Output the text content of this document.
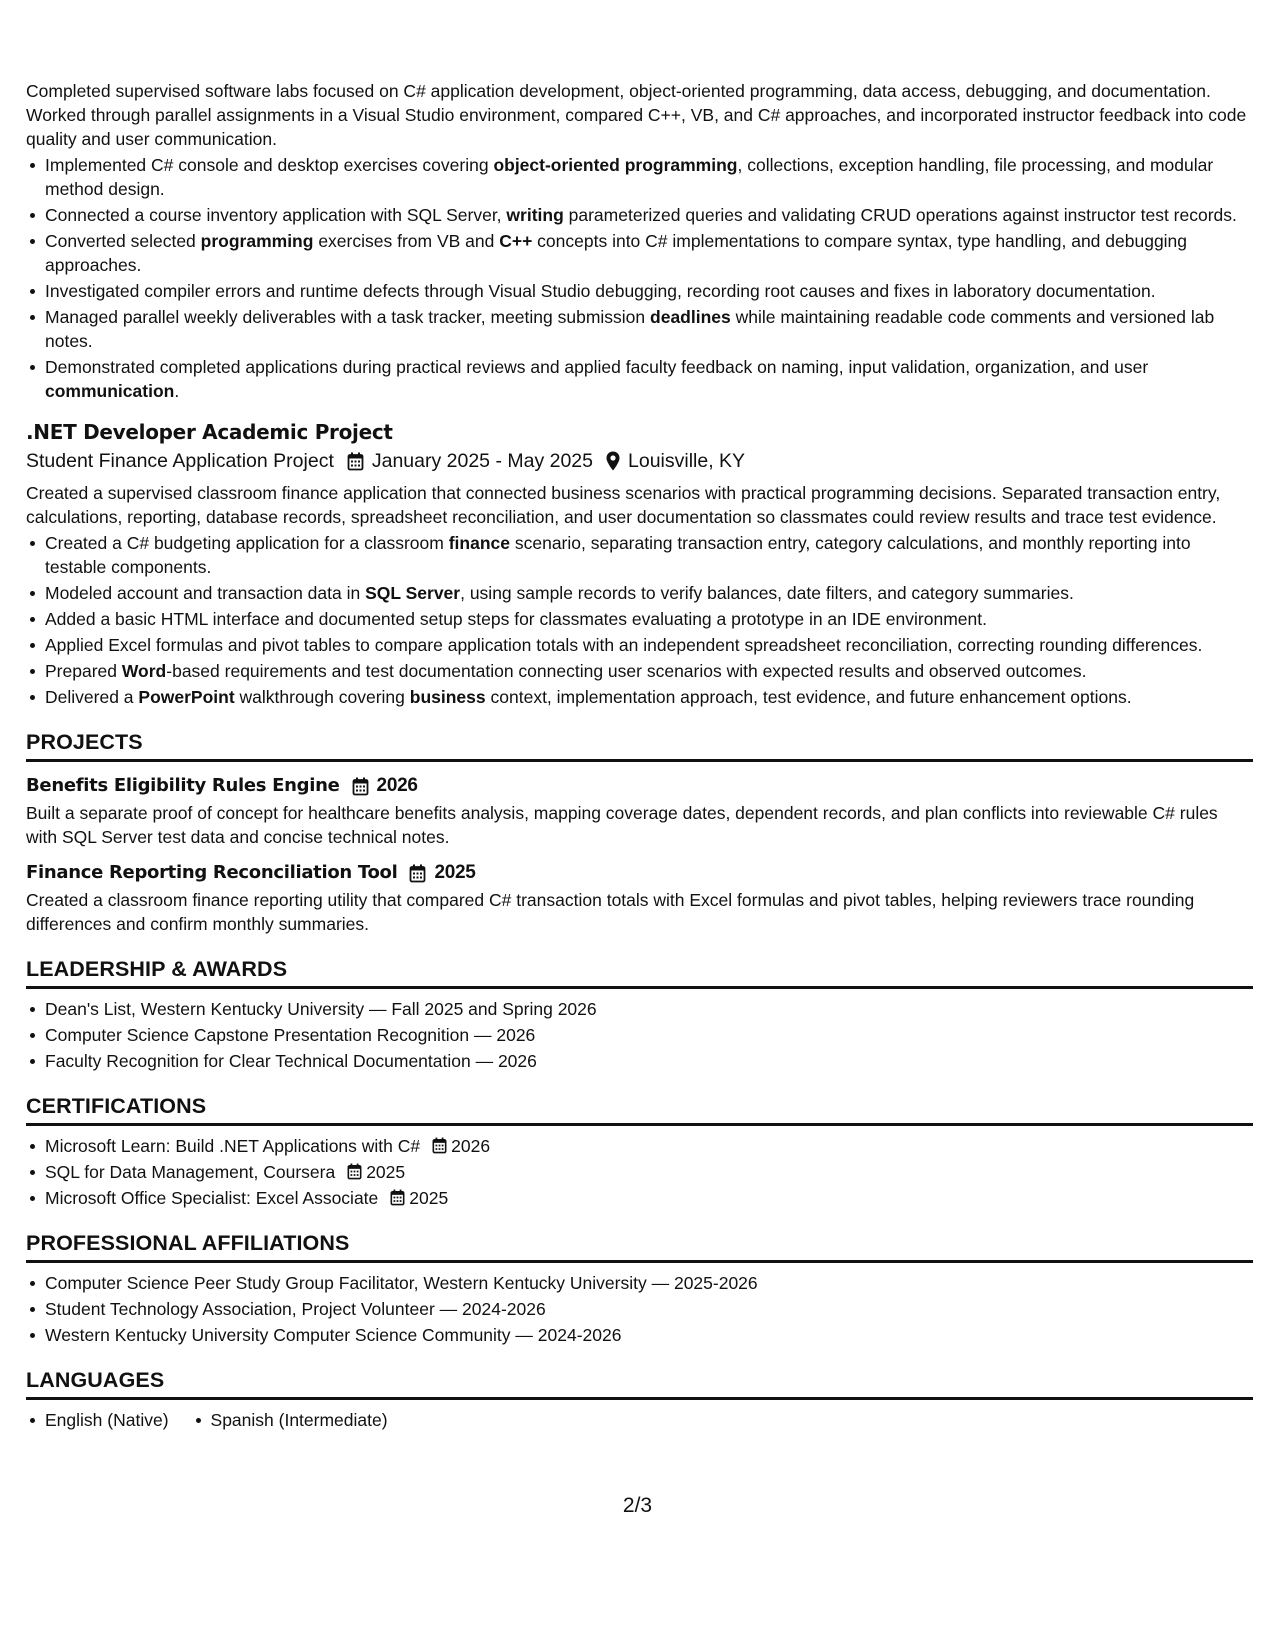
Completed supervised software labs focused on C# application development, object-oriented programming, data access, debugging, and documentation. Worked through parallel assignments in a Visual Studio environment, compared C++, VB, and C# approaches, and incorporated instructor feedback into code quality and user communication.

Implemented C# console and desktop exercises covering object-oriented programming, collections, exception handling, file processing, and modular method design.
Connected a course inventory application with SQL Server, writing parameterized queries and validating CRUD operations against instructor test records.
Converted selected programming exercises from VB and C++ concepts into C# implementations to compare syntax, type handling, and debugging approaches.
Investigated compiler errors and runtime defects through Visual Studio debugging, recording root causes and fixes in laboratory documentation.
Managed parallel weekly deliverables with a task tracker, meeting submission deadlines while maintaining readable code comments and versioned lab notes.
Demonstrated completed applications during practical reviews and applied faculty feedback on naming, input validation, organization, and user communication.
.NET Developer Academic Project
Student Finance Application Project January 2025 - May 2025 Louisville, KY

Created a supervised classroom finance application that connected business scenarios with practical programming decisions. Separated transaction entry, calculations, reporting, database records, spreadsheet reconciliation, and user documentation so classmates could review results and trace test evidence.

Created a C# budgeting application for a classroom finance scenario, separating transaction entry, category calculations, and monthly reporting into testable components.
Modeled account and transaction data in SQL Server, using sample records to verify balances, date filters, and category summaries.
Added a basic HTML interface and documented setup steps for classmates evaluating a prototype in an IDE environment.
Applied Excel formulas and pivot tables to compare application totals with an independent spreadsheet reconciliation, correcting rounding differences.
Prepared Word-based requirements and test documentation connecting user scenarios with expected results and observed outcomes.
Delivered a PowerPoint walkthrough covering business context, implementation approach, test evidence, and future enhancement options.
PROJECTS
Benefits Eligibility Rules Engine 2026

Built a separate proof of concept for healthcare benefits analysis, mapping coverage dates, dependent records, and plan conflicts into reviewable C# rules with SQL Server test data and concise technical notes.

Finance Reporting Reconciliation Tool 2025

Created a classroom finance reporting utility that compared C# transaction totals with Excel formulas and pivot tables, helping reviewers trace rounding differences and confirm monthly summaries.

LEADERSHIP & AWARDS
Dean's List, Western Kentucky University — Fall 2025 and Spring 2026
Computer Science Capstone Presentation Recognition — 2026
Faculty Recognition for Clear Technical Documentation — 2026
CERTIFICATIONS
Microsoft Learn: Build .NET Applications with C# 2026
SQL for Data Management, Coursera 2025
Microsoft Office Specialist: Excel Associate 2025
PROFESSIONAL AFFILIATIONS
Computer Science Peer Study Group Facilitator, Western Kentucky University — 2025-2026
Student Technology Association, Project Volunteer — 2024-2026
Western Kentucky University Computer Science Community — 2024-2026
LANGUAGES
English (Native) Spanish (Intermediate)
2/3
